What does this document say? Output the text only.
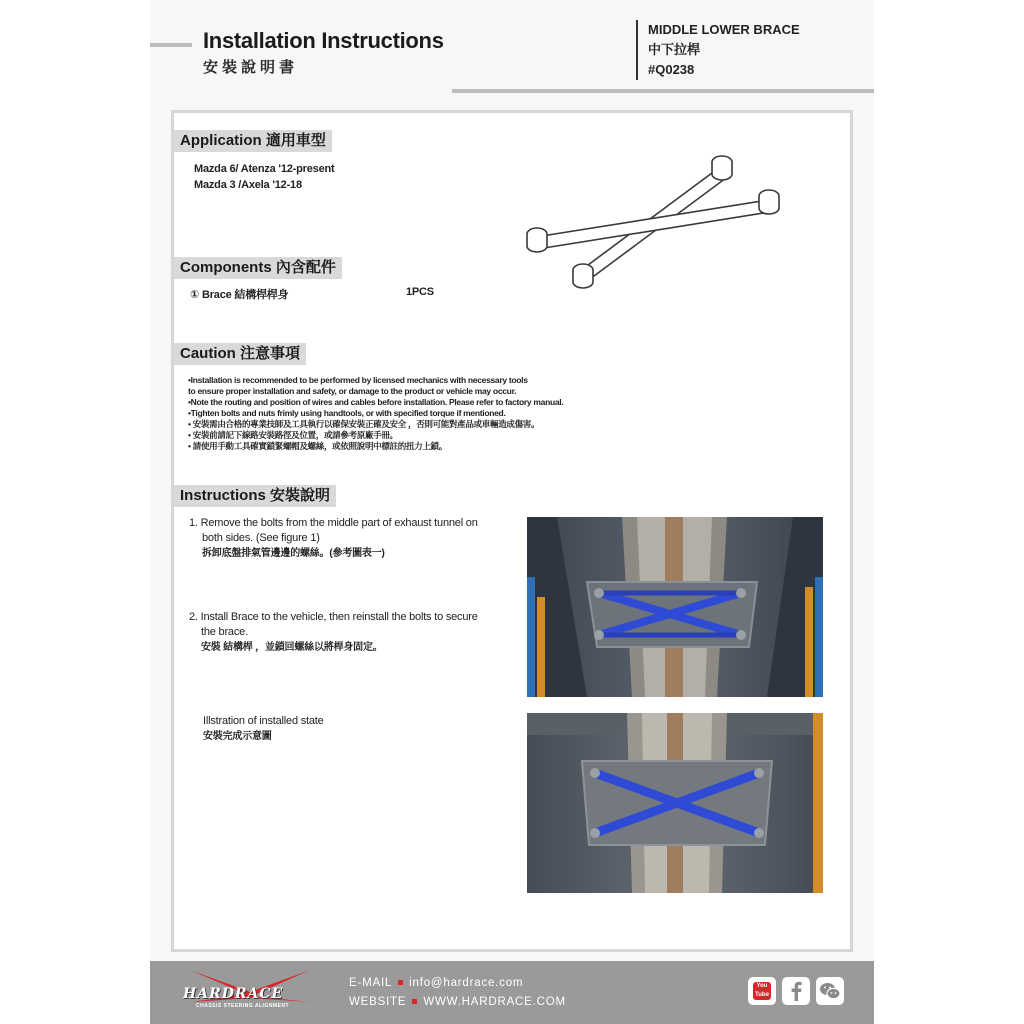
Installation Instructions
安裝說明書
MIDDLE LOWER BRACE
中下拉桿
#Q0238
Application 適用車型
Mazda 6/ Atenza '12-present
Mazda 3 /Axela '12-18
Components 內含配件
① Brace 結構桿桿身	1PCS
Caution 注意事項
•Installation is recommended to be performed by licensed mechanics with necessary tools
to ensure proper installation and safety, or damage to the product or vehicle may occur.
•Note the routing and position of wires and cables before installation. Please refer to factory manual.
•Tighten bolts and nuts frimly using handtools, or with specified torque if mentioned.
• 安裝需由合格的專業技師及工具執行以確保安裝正確及安全 ，否則可能對產品或車輛造成傷害。
• 安裝前請記下線路安裝路徑及位置，或請參考原廠手冊。
• 請使用手動工具確實鎖緊螺帽及螺絲，或依照說明中標註的扭力上鎖。
Instructions 安裝說明
1. Remove the bolts from the middle part of exhaust tunnel on
both sides. (See figure 1)
拆卸底盤排氣管邊邊的螺絲。(參考圖表一)
2. Install Brace to the vehicle, then reinstall the bolts to secure
the brace.
安裝 結構桿 ，並鎖回螺絲以將桿身固定。
Illstration of installed state
安裝完成示意圖
HARDRACE
CHASSIS STEERING ALIGNMENT
E-MAIL info@hardrace.com
WEBSITE WWW.HARDRACE.COM
You Tube
